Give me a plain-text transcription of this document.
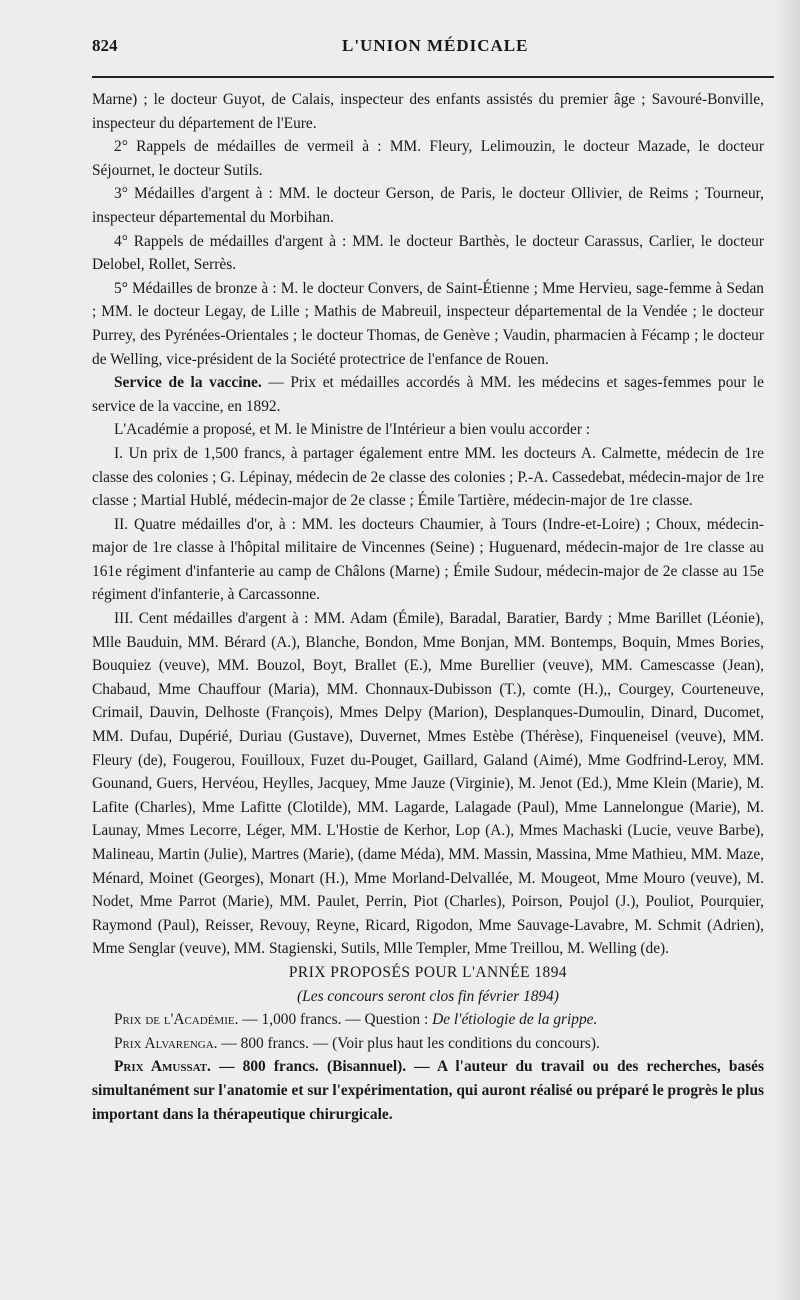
824	L'UNION MÉDICALE

Marne) ; le docteur Guyot, de Calais, inspecteur des enfants assistés du premier âge ; Savouré-Bonville, inspecteur du département de l'Eure.

2° Rappels de médailles de vermeil à : MM. Fleury, Lelimouzin, le docteur Mazade, le docteur Séjournet, le docteur Sutils.

3° Médailles d'argent à : MM. le docteur Gerson, de Paris, le docteur Ollivier, de Reims ; Tourneur, inspecteur départemental du Morbihan.

4° Rappels de médailles d'argent à : MM. le docteur Barthès, le docteur Carassus, Carlier, le docteur Delobel, Rollet, Serrès.

5° Médailles de bronze à : M. le docteur Convers, de Saint-Étienne ; Mme Hervieu, sage-femme à Sedan ; MM. le docteur Legay, de Lille ; Mathis de Mabreuil, inspecteur départemental de la Vendée ; le docteur Purrey, des Pyrénées-Orientales ; le docteur Thomas, de Genève ; Vaudin, pharmacien à Fécamp ; le docteur de Welling, vice-président de la Société protectrice de l'enfance de Rouen.

Service de la vaccine. — Prix et médailles accordés à MM. les médecins et sages-femmes pour le service de la vaccine, en 1892.

L'Académie a proposé, et M. le Ministre de l'Intérieur a bien voulu accorder :

I. Un prix de 1,500 francs, à partager également entre MM. les docteurs A. Calmette, médecin de 1re classe des colonies ; G. Lépinay, médecin de 2e classe des colonies ; P.-A. Cassedebat, médecin-major de 1re classe ; Martial Hublé, médecin-major de 2e classe ; Émile Tartière, médecin-major de 1re classe.

II. Quatre médailles d'or, à : MM. les docteurs Chaumier, à Tours (Indre-et-Loire) ; Choux, médecin-major de 1re classe à l'hôpital militaire de Vincennes (Seine) ; Huguenard, médecin-major de 1re classe au 161e régiment d'infanterie au camp de Châlons (Marne) ; Émile Sudour, médecin-major de 2e classe au 15e régiment d'infanterie, à Carcassonne.

III. Cent médailles d'argent à : MM. Adam (Émile), Baradal, Baratier, Bardy ; Mme Barillet (Léonie), Mlle Bauduin, MM. Bérard (A.), Blanche, Bondon, Mme Bonjan, MM. Bontemps, Boquin, Mmes Bories, Bouquiez (veuve), MM. Bouzol, Boyt, Brallet (E.), Mme Burellier (veuve), MM. Camescasse (Jean), Chabaud, Mme Chauffour (Maria), MM. Chonnaux-Dubisson (T.), comte (H.),, Courgey, Courteneuve, Crimail, Dauvin, Delhoste (François), Mmes Delpy (Marion), Desplanques-Dumoulin, Dinard, Ducomet, MM. Dufau, Dupérié, Duriau (Gustave), Duvernet, Mmes Estèbe (Thérèse), Finqueneisel (veuve), MM. Fleury (de), Fougerou, Fouilloux, Fuzet du-Pouget, Gaillard, Galand (Aimé), Mme Godfrind-Leroy, MM. Gounand, Guers, Hervéou, Heylles, Jacquey, Mme Jauze (Virginie), M. Jenot (Ed.), Mme Klein (Marie), M. Lafite (Charles), Mme Lafitte (Clotilde), MM. Lagarde, Lalagade (Paul), Mme Lannelongue (Marie), M. Launay, Mmes Lecorre, Léger, MM. L'Hostie de Kerhor, Lop (A.), Mmes Machaski (Lucie, veuve Barbe), Malineau, Martin (Julie), Martres (Marie), (dame Méda), MM. Massin, Massina, Mme Mathieu, MM. Maze, Ménard, Moinet (Georges), Monart (H.), Mme Morland-Delvallée, M. Mougeot, Mme Mouro (veuve), M. Nodet, Mme Parrot (Marie), MM. Paulet, Perrin, Piot (Charles), Poirson, Poujol (J.), Pouliot, Pourquier, Raymond (Paul), Reisser, Revouy, Reyne, Ricard, Rigodon, Mme Sauvage-Lavabre, M. Schmit (Adrien), Mme Senglar (veuve), MM. Stagienski, Sutils, Mlle Templer, Mme Treillou, M. Welling (de).

PRIX PROPOSÉS POUR L'ANNÉE 1894

(Les concours seront clos fin février 1894)

Prix de l'Académie. — 1,000 francs. — Question : De l'étiologie de la grippe.

Prix Alvarenga. — 800 francs. — (Voir plus haut les conditions du concours).

Prix Amussat. — 800 francs. (Bisannuel). — A l'auteur du travail ou des recherches, basés simultanément sur l'anatomie et sur l'expérimentation, qui auront réalisé ou préparé le progrès le plus important dans la thérapeutique chirurgicale.
